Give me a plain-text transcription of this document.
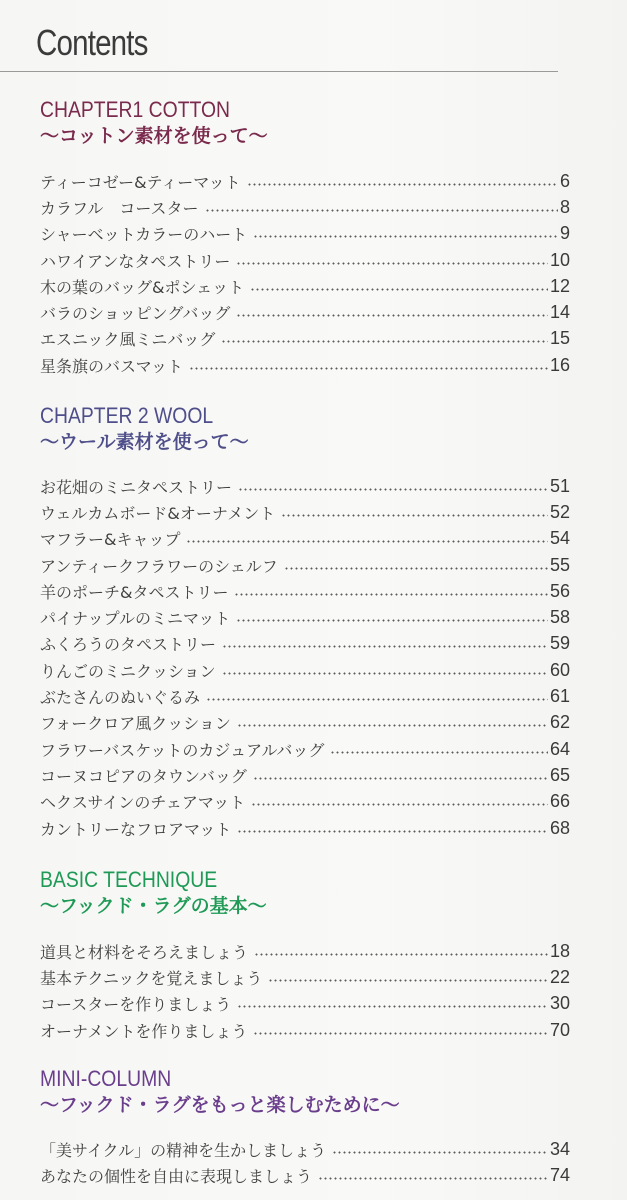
Contents
CHAPTER1 COTTON
〜コットン素材を使って〜
ティーコゼー&ティーマット	6
カラフル　コースター	8
シャーベットカラーのハート	9
ハワイアンなタペストリー	10
木の葉のバッグ&ポシェット	12
バラのショッピングバッグ	14
エスニック風ミニバッグ	15
星条旗のバスマット	16
CHAPTER 2 WOOL
〜ウール素材を使って〜
お花畑のミニタペストリー	51
ウェルカムボード&オーナメント	52
マフラー&キャップ	54
アンティークフラワーのシェルフ	55
羊のポーチ&タペストリー	56
パイナップルのミニマット	58
ふくろうのタペストリー	59
りんごのミニクッション	60
ぶたさんのぬいぐるみ	61
フォークロア風クッション	62
フラワーバスケットのカジュアルバッグ	64
コーヌコピアのタウンバッグ	65
ヘクスサインのチェアマット	66
カントリーなフロアマット	68
BASIC TECHNIQUE
〜フックド・ラグの基本〜
道具と材料をそろえましょう	18
基本テクニックを覚えましょう	22
コースターを作りましょう	30
オーナメントを作りましょう	70
MINI-COLUMN
〜フックド・ラグをもっと楽しむために〜
「美サイクル」の精神を生かしましょう	34
あなたの個性を自由に表現しましょう	74
